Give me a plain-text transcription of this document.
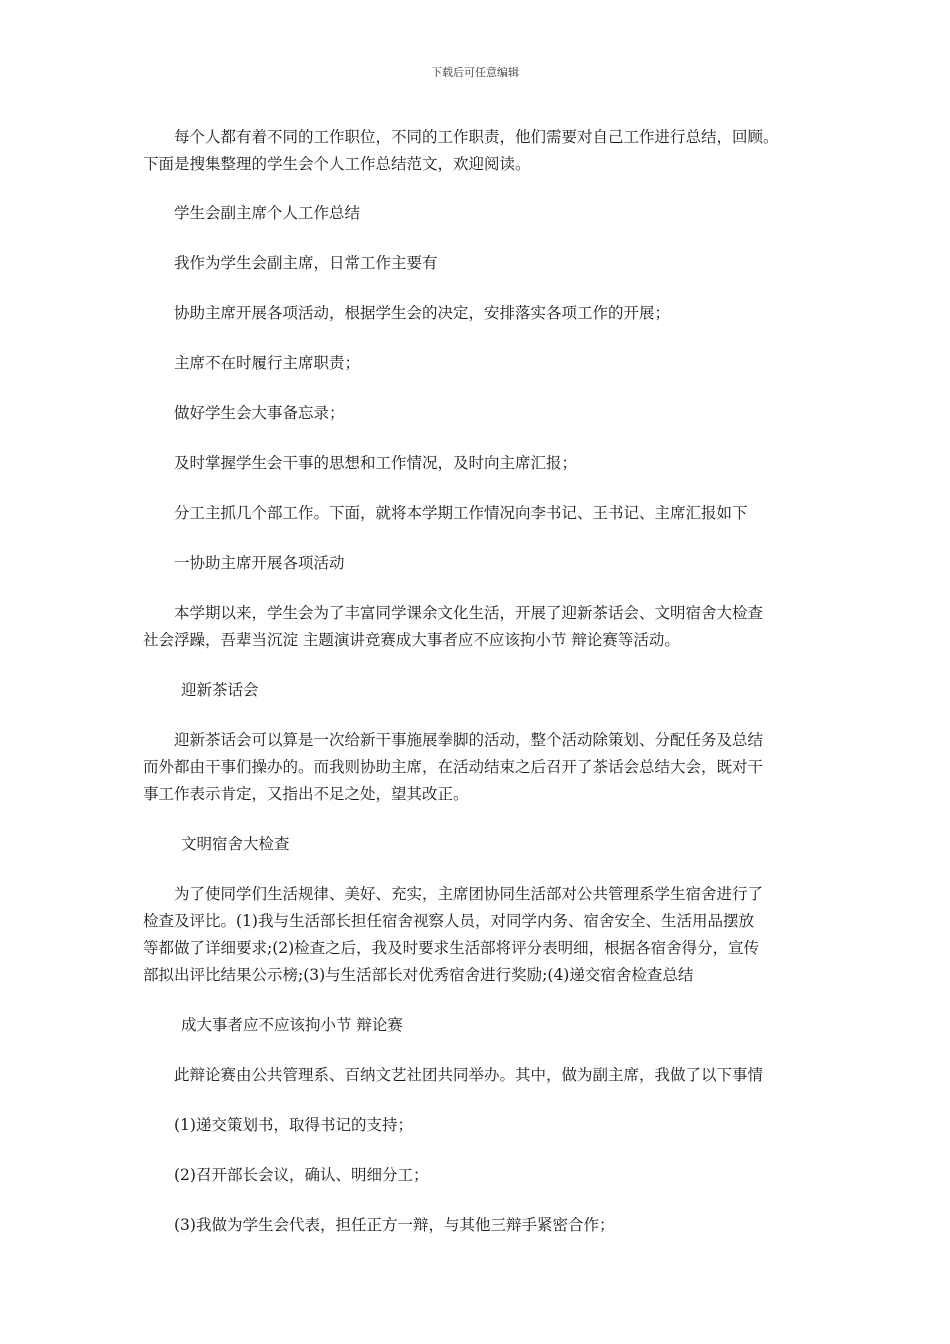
下载后可任意编辑
每个人都有着不同的工作职位，不同的工作职责，他们需要对自己工作进行总结，回顾。
下面是搜集整理的学生会个人工作总结范文，欢迎阅读。

学生会副主席个人工作总结

我作为学生会副主席，日常工作主要有

协助主席开展各项活动，根据学生会的决定，安排落实各项工作的开展；

主席不在时履行主席职责；

做好学生会大事备忘录；

及时掌握学生会干事的思想和工作情况，及时向主席汇报；

分工主抓几个部工作。下面，就将本学期工作情况向李书记、王书记、主席汇报如下

一协助主席开展各项活动

本学期以来，学生会为了丰富同学课余文化生活，开展了迎新茶话会、文明宿舍大检查
社会浮躁，吾辈当沉淀 主题演讲竞赛成大事者应不应该拘小节 辩论赛等活动。

迎新茶话会

迎新茶话会可以算是一次给新干事施展拳脚的活动，整个活动除策划、分配任务及总结
而外都由干事们操办的。而我则协助主席，在活动结束之后召开了茶话会总结大会，既对干
事工作表示肯定，又指出不足之处，望其改正。

文明宿舍大检查

为了使同学们生活规律、美好、充实，主席团协同生活部对公共管理系学生宿舍进行了
检查及评比。(1)我与生活部长担任宿舍视察人员，对同学内务、宿舍安全、生活用品摆放
等都做了详细要求;(2)检查之后，我及时要求生活部将评分表明细，根据各宿舍得分，宣传
部拟出评比结果公示榜;(3)与生活部长对优秀宿舍进行奖励;(4)递交宿舍检查总结

成大事者应不应该拘小节 辩论赛

此辩论赛由公共管理系、百纳文艺社团共同举办。其中，做为副主席，我做了以下事情

(1)递交策划书，取得书记的支持；

(2)召开部长会议，确认、明细分工；

(3)我做为学生会代表，担任正方一辩，与其他三辩手紧密合作；
